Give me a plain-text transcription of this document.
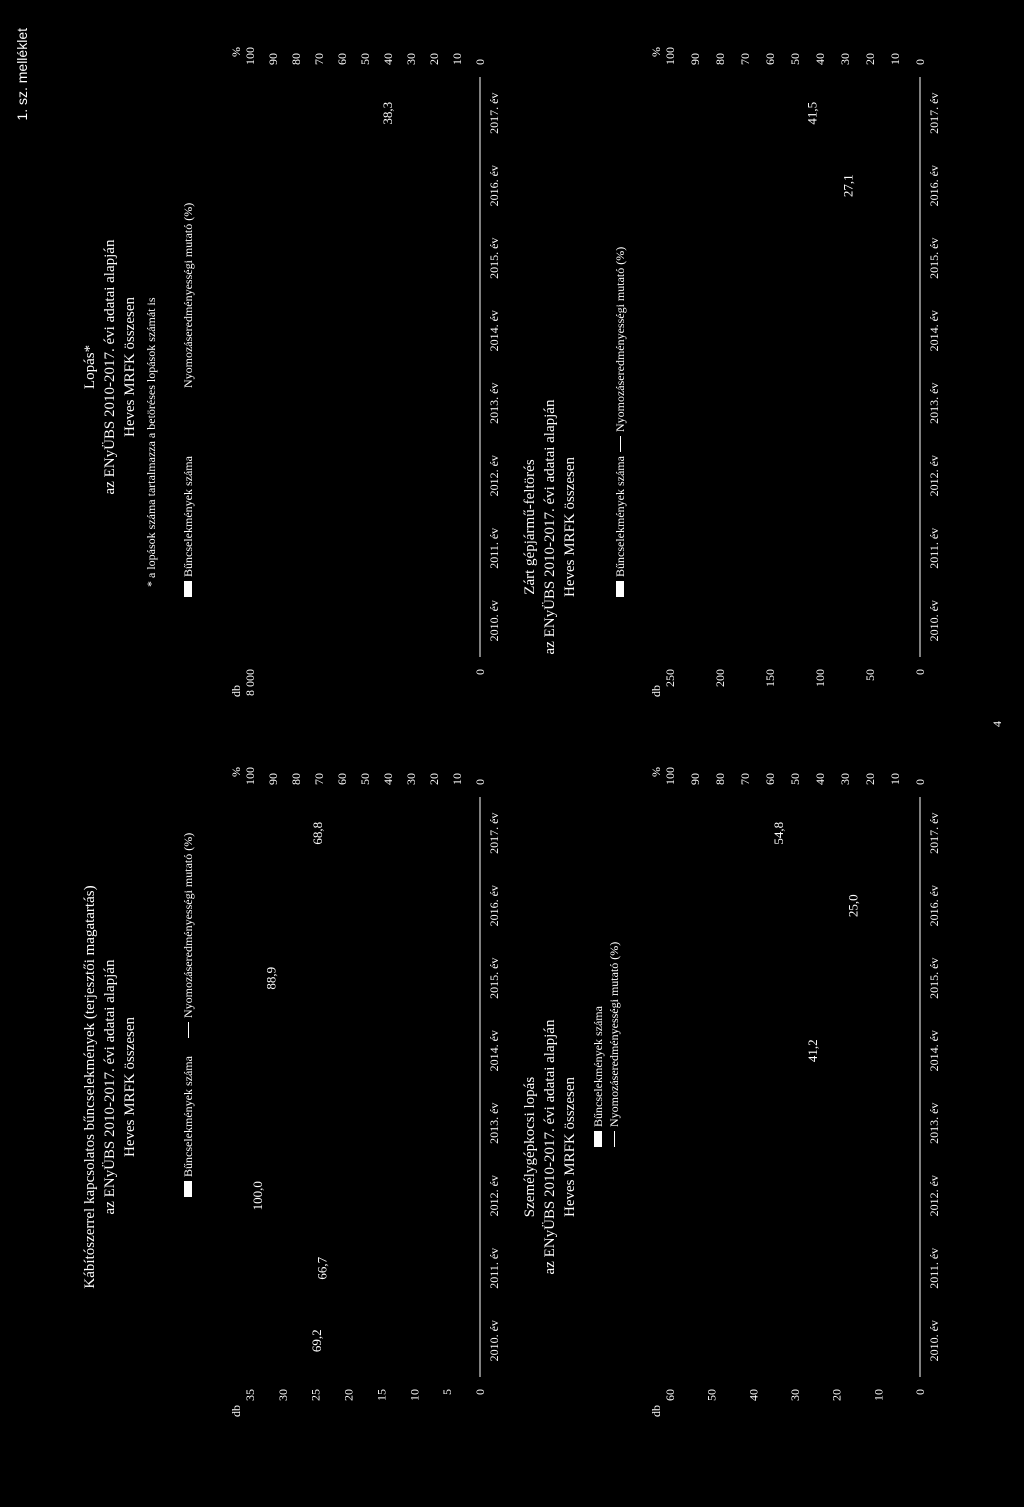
1. sz. melléklet
4
Kábítószerrel kapcsolatos bűncselekmények (terjesztői magatartás) az ENyÜBS 2010-2017. évi adatai alapján Heves MRFK összesen	Bűncselekmények száma
Nyomozáseredményességi mutató (%)
db
%
0
5
10
15
20
25
30
35
0
10
20
30
40
50
60
70
80
90
100
2010. év
2011. év
2012. év
2013. év
2014. év
2015. év
2016. év
2017. év
69,2
66,7
100,0
88,9
68,8
Lopás* az ENyÜBS 2010-2017. évi adatai alapján Heves MRFK összesen * a lopások száma tartalmazza a betöréses lopások számát is Bűncselekmények száma
Nyomozáseredményességi mutató (%)
db
%
0
8 000
0
10
20
30
40
50
60
70
80
90
100
2010. év
2011. év
2012. év
2013. év
2014. év
2015. év
2016. év
2017. év
38,3
Személygépkocsi lopás az ENyÜBS 2010-2017. évi adatai alapján Heves MRFK összesen
Bűncselekmények száma Nyomozáseredményességi mutató (%)
db
%
0
10
20
30
40
50
60
0
10
20
30
40
50
60
70
80
90
100
2010. év
2011. év
2012. év
2013. év
2014. év
2015. év
2016. év
2017. év
41,2
25,0
54,8
Zárt gépjármű-feltörés az ENyÜBS 2010-2017. évi adatai alapján Heves MRFK összesen	Bűncselekmények száma
Nyomozáseredményességi mutató (%)
db
%
0
50
100
150
200
250
0
10
20
30
40
50
60
70
80
90
100
2010. év
2011. év
2012. év
2013. év
2014. év
2015. év
2016. év
2017. év
27,1
41,5
